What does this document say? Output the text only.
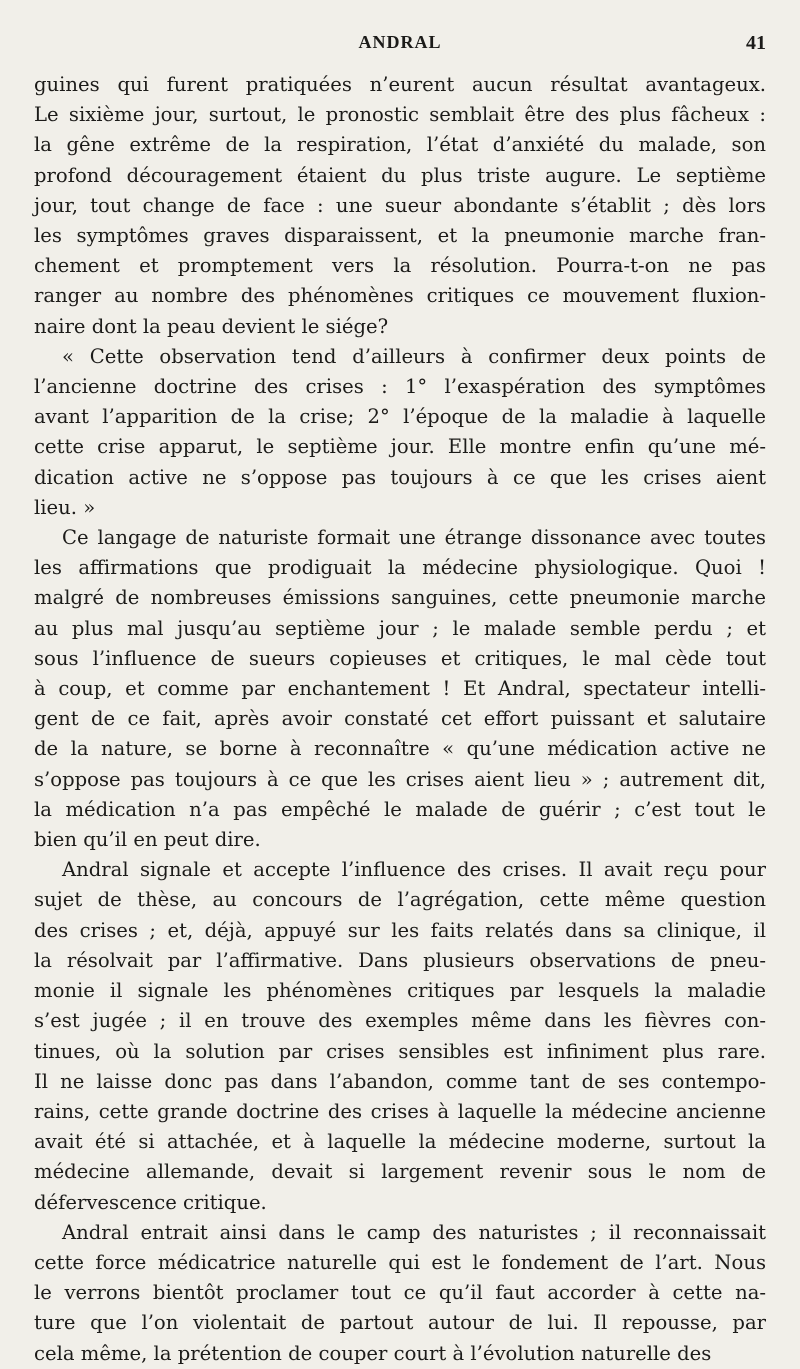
ANDRAL	41
guines qui furent pratiquées n’eurent aucun résultat avantageux.
Le sixième jour, surtout, le pronostic semblait être des plus fâcheux :
la gêne extrême de la respiration, l’état d’anxiété du malade, son
profond découragement étaient du plus triste augure. Le septième
jour, tout change de face : une sueur abondante s’établit ; dès lors
les symptômes graves disparaissent, et la pneumonie marche fran-
chement et promptement vers la résolution. Pourra-t-on ne pas
ranger au nombre des phénomènes critiques ce mouvement fluxion-
naire dont la peau devient le siége?
« Cette observation tend d’ailleurs à confirmer deux points de
l’ancienne doctrine des crises : 1° l’exaspération des symptômes
avant l’apparition de la crise; 2° l’époque de la maladie à laquelle
cette crise apparut, le septième jour. Elle montre enfin qu’une mé-
dication active ne s’oppose pas toujours à ce que les crises aient
lieu. »
Ce langage de naturiste formait une étrange dissonance avec toutes
les affirmations que prodiguait la médecine physiologique. Quoi !
malgré de nombreuses émissions sanguines, cette pneumonie marche
au plus mal jusqu’au septième jour ; le malade semble perdu ; et
sous l’influence de sueurs copieuses et critiques, le mal cède tout
à coup, et comme par enchantement ! Et Andral, spectateur intelli-
gent de ce fait, après avoir constaté cet effort puissant et salutaire
de la nature, se borne à reconnaître « qu’une médication active ne
s’oppose pas toujours à ce que les crises aient lieu » ; autrement dit,
la médication n’a pas empêché le malade de guérir ; c’est tout le
bien qu’il en peut dire.
Andral signale et accepte l’influence des crises. Il avait reçu pour
sujet de thèse, au concours de l’agrégation, cette même question
des crises ; et, déjà, appuyé sur les faits relatés dans sa clinique, il
la résolvait par l’affirmative. Dans plusieurs observations de pneu-
monie il signale les phénomènes critiques par lesquels la maladie
s’est jugée ; il en trouve des exemples même dans les fièvres con-
tinues, où la solution par crises sensibles est infiniment plus rare.
Il ne laisse donc pas dans l’abandon, comme tant de ses contempo-
rains, cette grande doctrine des crises à laquelle la médecine ancienne
avait été si attachée, et à laquelle la médecine moderne, surtout la
médecine allemande, devait si largement revenir sous le nom de
défervescence critique.
Andral entrait ainsi dans le camp des naturistes ; il reconnaissait
cette force médicatrice naturelle qui est le fondement de l’art. Nous
le verrons bientôt proclamer tout ce qu’il faut accorder à cette na-
ture que l’on violentait de partout autour de lui. Il repousse, par
cela même, la prétention de couper court à l’évolution naturelle des
